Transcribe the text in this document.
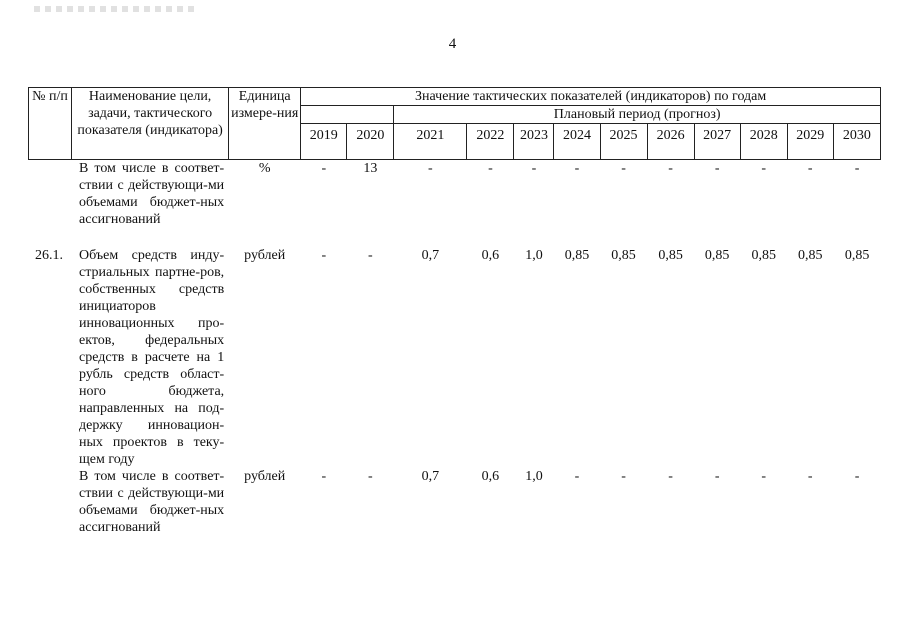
4
№ п/п	Наименование цели, задачи, тактического показателя (индикатора)	Единица измере-ния	Значение тактических показателей (индикаторов) по годам											
					Плановый период (прогноз)									
			2019	2020	2021	2022	2023	2024	2025	2026	2027	2028	2029	2030
	В том числе в соответ-ствии с действующи-ми объемами бюджет-ных ассигнований	%	-	13	-	-	-	-	-	-	-	-	-	-

26.1.	Объем средств инду-стриальных партне-ров, собственных средств инициаторов инновационных про-ектов, федеральных средств в расчете на 1 рубль средств област-ного бюджета, направленных на под-держку инновацион-ных проектов в теку-щем году	рублей	-	-	0,7	0,6	1,0	0,85	0,85	0,85	0,85	0,85	0,85	0,85
	В том числе в соответ-ствии с действующи-ми объемами бюджет-ных ассигнований	рублей	-	-	0,7	0,6	1,0	-	-	-	-	-	-	-
